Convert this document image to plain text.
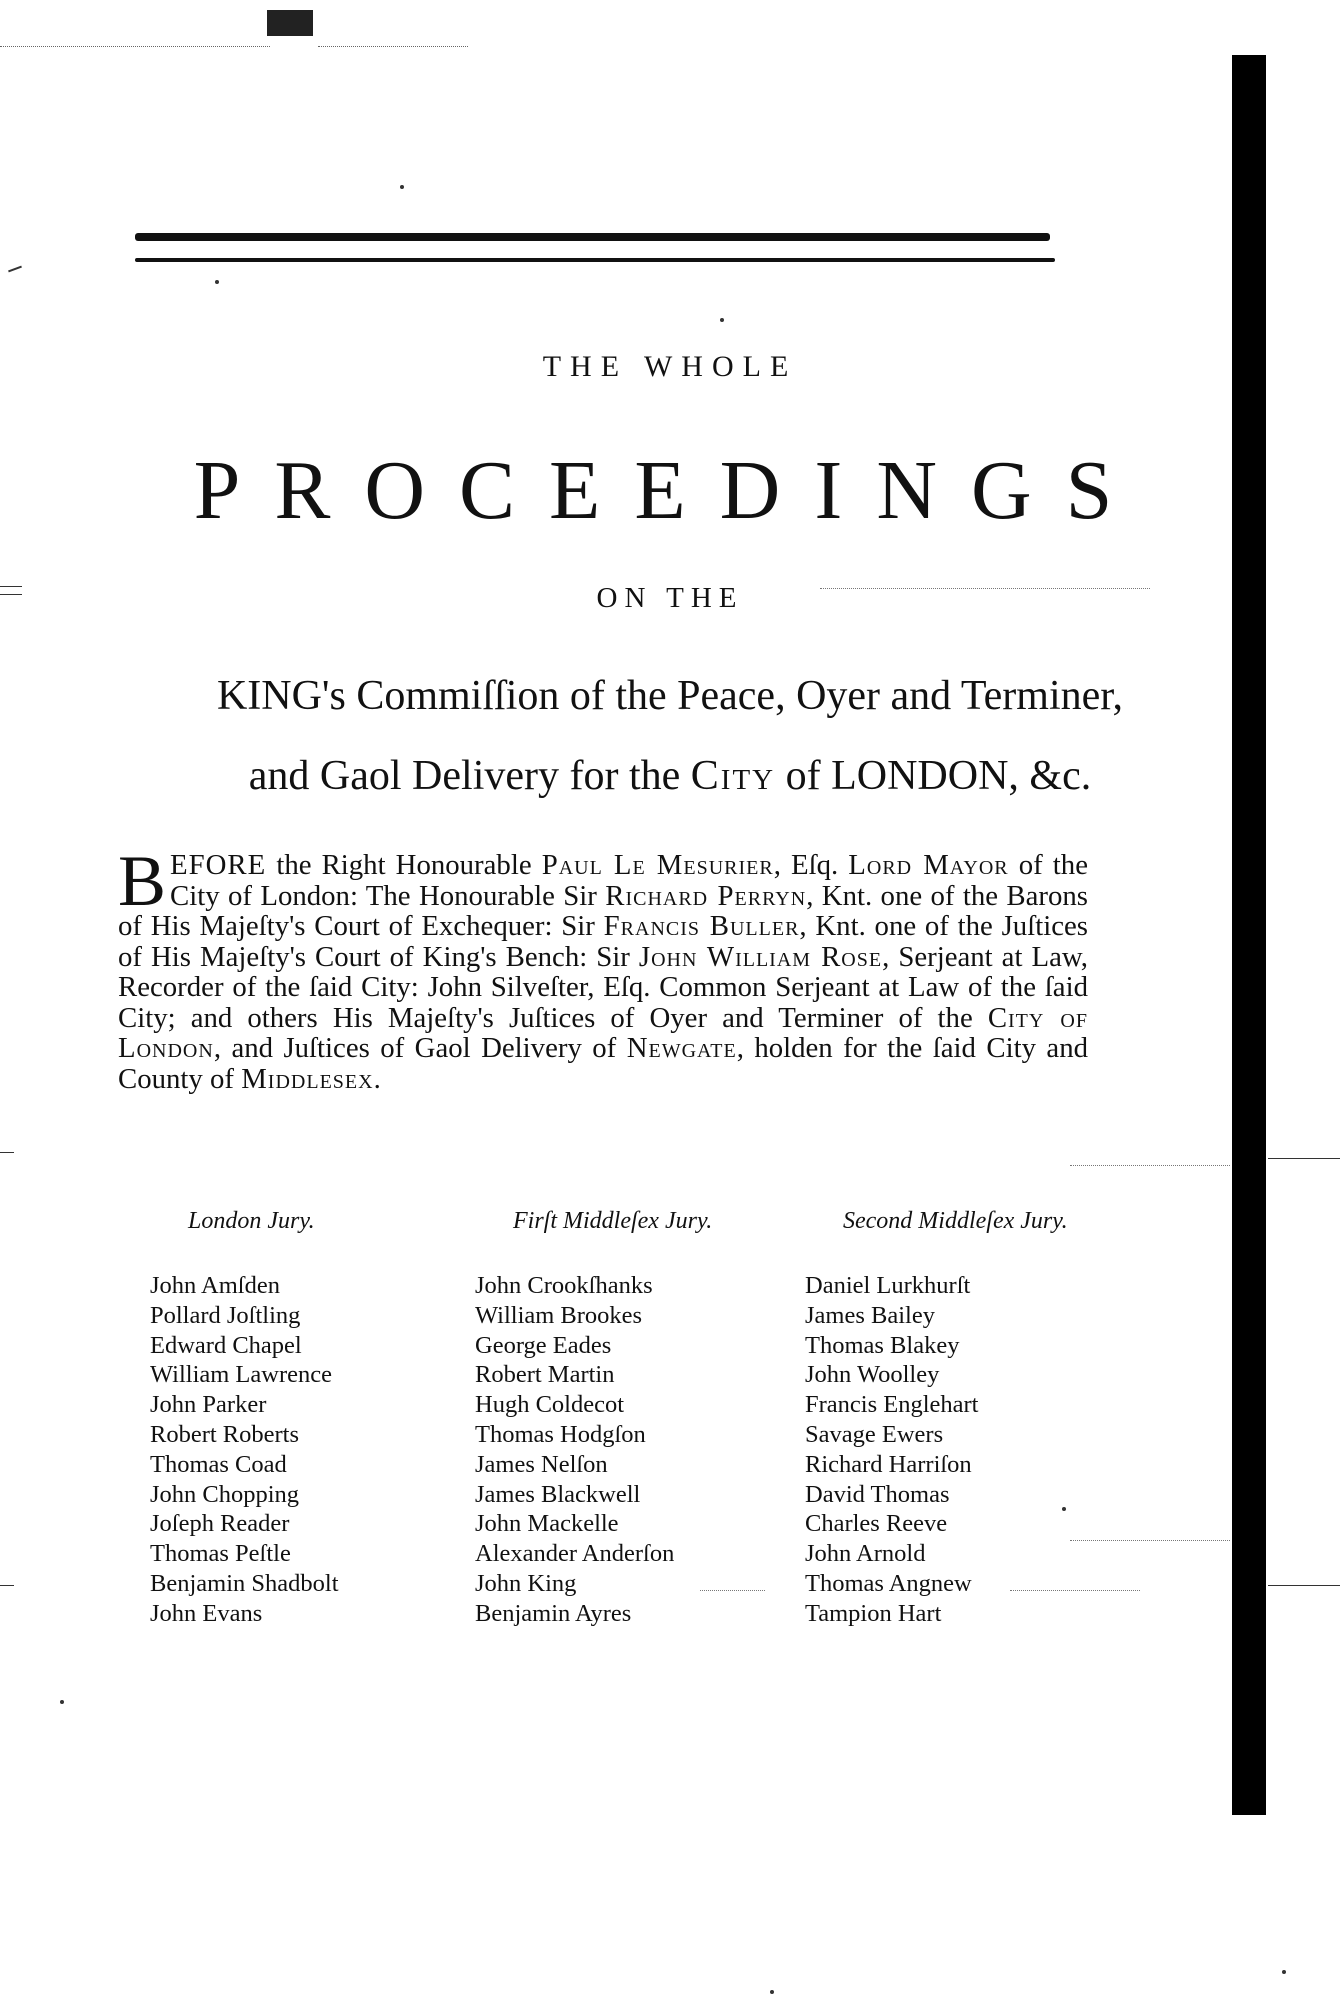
THE WHOLE
PROCEEDINGS
ON THE
KING's Commiſſion of the Peace, Oyer and Terminer,
and Gaol Delivery for the City of LONDON, &c.
B EFORE the Right Honourable Paul Le Mesurier, Eſq. Lord Mayor of the City of London: The Honourable Sir Richard Perryn, Knt. one of the Barons of His Majeſty's Court of Exchequer: Sir Francis Buller, Knt. one of the Juſtices of His Majeſty's Court of King's Bench: Sir John William Rose, Serjeant at Law, Recorder of the ſaid City: John Silveſter, Eſq. Common Serjeant at Law of the ſaid City; and others His Majeſty's Juſtices of Oyer and Terminer of the City of London, and Juſtices of Gaol Delivery of Newgate, holden for the ſaid City and County of Middlesex.
London Jury.
John Amſden
Pollard Joſtling
Edward Chapel
William Lawrence
John Parker
Robert Roberts
Thomas Coad
John Chopping
Joſeph Reader
Thomas Peſtle
Benjamin Shadbolt
John Evans
Firſt Middleſex Jury.
John Crookſhanks
William Brookes
George Eades
Robert Martin
Hugh Coldecot
Thomas Hodgſon
James Nelſon
James Blackwell
John Mackelle
Alexander Anderſon
John King
Benjamin Ayres
Second Middleſex Jury.
Daniel Lurkhurſt
James Bailey
Thomas Blakey
John Woolley
Francis Englehart
Savage Ewers
Richard Harriſon
David Thomas
Charles Reeve
John Arnold
Thomas Angnew
Tampion Hart
